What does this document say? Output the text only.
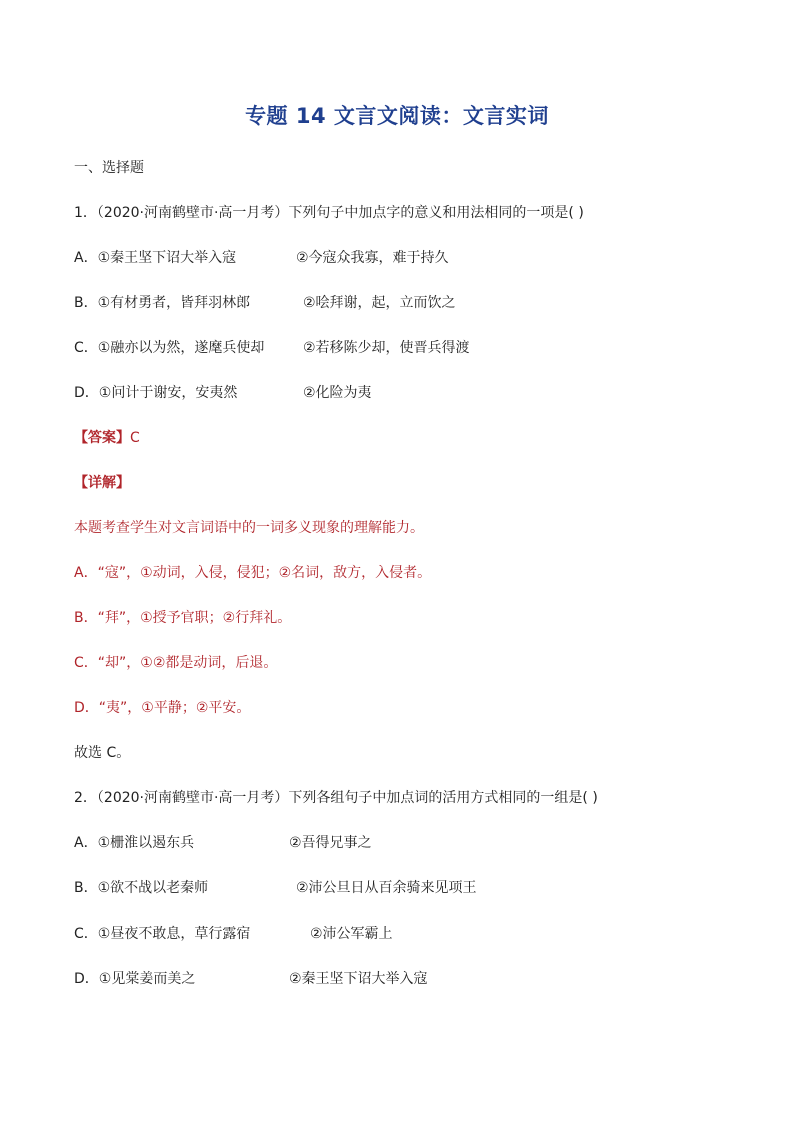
专题 14 文言文阅读：文言实词
一、选择题
1．（2020·河南鹤壁市·高一月考）下列句子中加点字的意义和用法相同的一项是( )
A．①秦王坚下诏大举入寇	②今寇众我寡，难于持久
B．①有材勇者，皆拜羽林郎	②哙拜谢，起，立而饮之
C．①融亦以为然，遂麾兵使却	②若移陈少却，使晋兵得渡
D．①问计于谢安，安夷然	②化险为夷
【答案】C
【详解】
本题考查学生对文言词语中的一词多义现象的理解能力。
A．“寇”，①动词，入侵，侵犯；②名词，敌方，入侵者。
B．“拜”，①授予官职；②行拜礼。
C．“却”，①②都是动词，后退。
D．“夷”，①平静；②平安。
故选 C。
2．（2020·河南鹤壁市·高一月考）下列各组句子中加点词的活用方式相同的一组是( )
A．①栅淮以遏东兵	②吾得兄事之
B．①欲不战以老秦师	②沛公旦日从百余骑来见项王
C．①昼夜不敢息，草行露宿	②沛公军霸上
D．①见棠姜而美之	②秦王坚下诏大举入寇
